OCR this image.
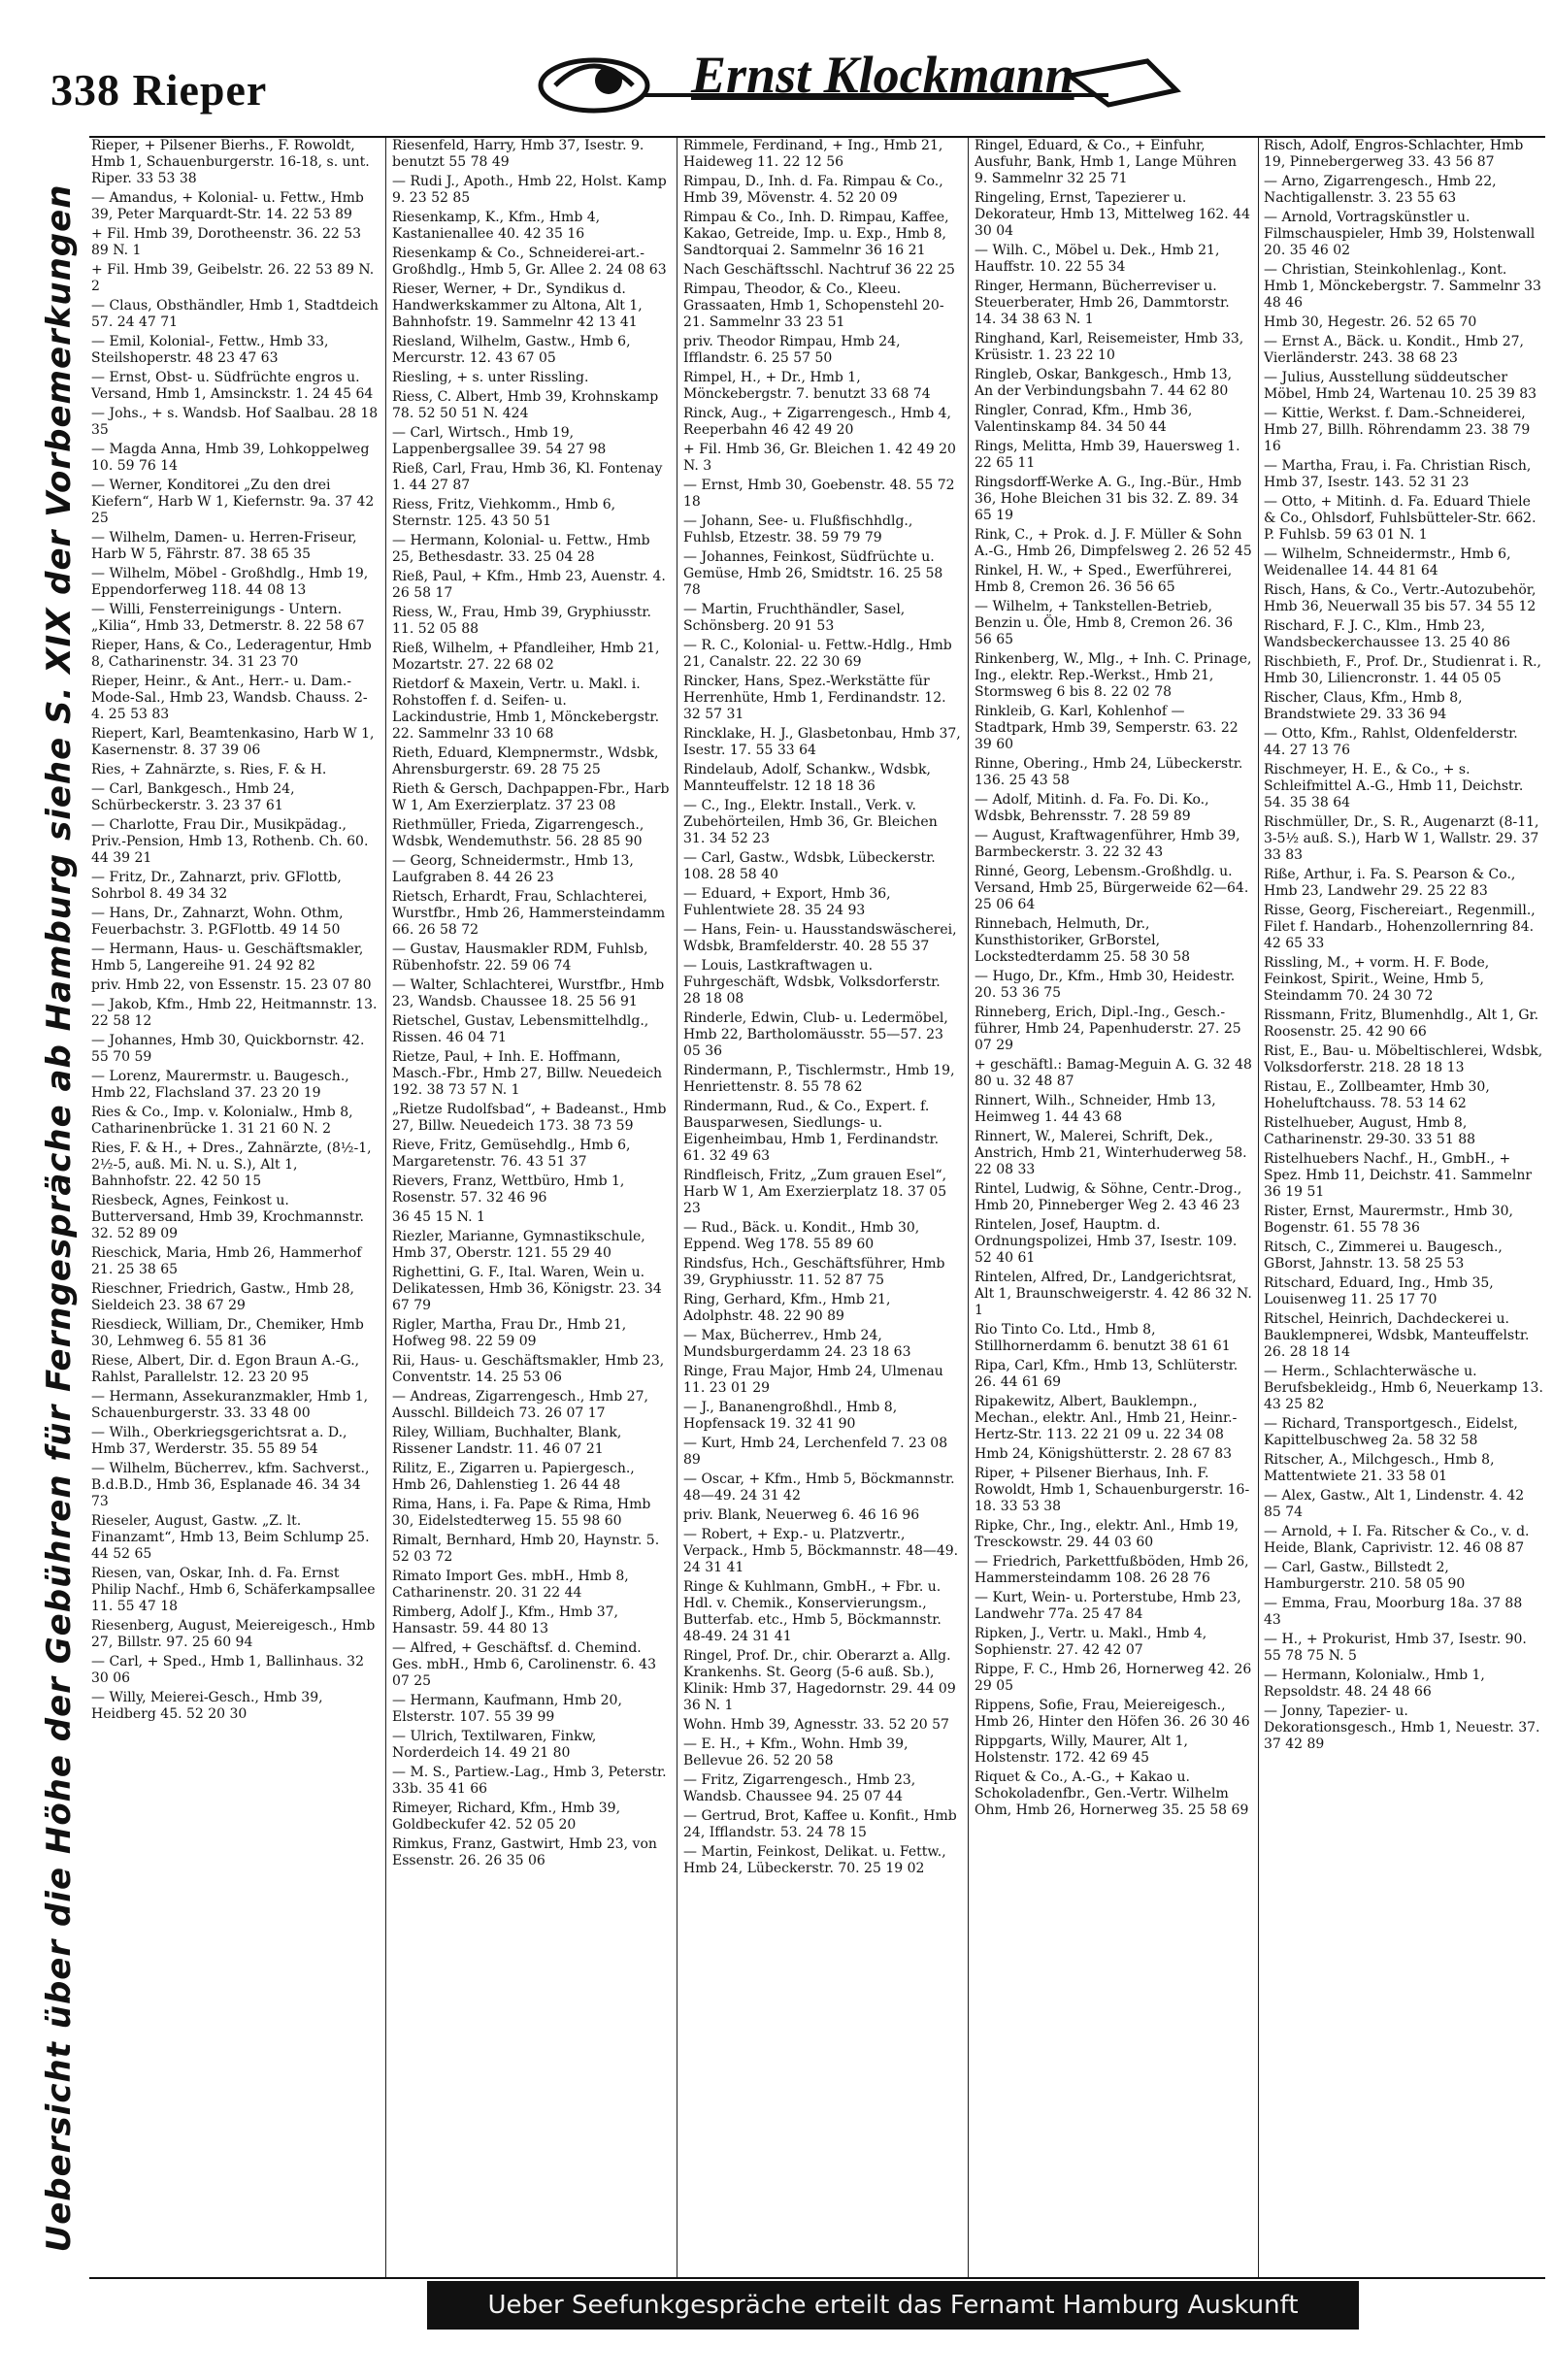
338 Rieper	Ernst Klockmann
Uebersicht über die Höhe der Gebühren für Ferngespräche ab Hamburg siehe S. XIX der Vorbemerkungen
Rieper, + Pilsener Bierhs., F. Rowoldt, Hmb 1, Schauenburgerstr. 16-18, s. unt. Riper. 33 53 38
— Amandus, + Kolonial- u. Fettw., Hmb 39, Peter Marquardt-Str. 14. 22 53 89
+ Fil. Hmb 39, Dorotheenstr. 36. 22 53 89 N. 1
+ Fil. Hmb 39, Geibelstr. 26. 22 53 89 N. 2
— Claus, Obsthändler, Hmb 1, Stadtdeich 57. 24 47 71
— Emil, Kolonial-, Fettw., Hmb 33, Steilshoperstr. 48 23 47 63
— Ernst, Obst- u. Südfrüchte engros u. Versand, Hmb 1, Amsinckstr. 1. 24 45 64
— Johs., + s. Wandsb. Hof Saalbau. 28 18 35
— Magda Anna, Hmb 39, Lohkoppelweg 10. 59 76 14
— Werner, Konditorei „Zu den drei Kiefern“, Harb W 1, Kiefernstr. 9a. 37 42 25
— Wilhelm, Damen- u. Herren-Friseur, Harb W 5, Fährstr. 87. 38 65 35
— Wilhelm, Möbel - Großhdlg., Hmb 19, Eppendorferweg 118. 44 08 13
— Willi, Fensterreinigungs - Untern. „Kilia“, Hmb 33, Detmerstr. 8. 22 58 67
Rieper, Hans, & Co., Lederagentur, Hmb 8, Catharinenstr. 34. 31 23 70
Rieper, Heinr., & Ant., Herr.- u. Dam.-Mode-Sal., Hmb 23, Wandsb. Chauss. 2-4. 25 53 83
Riepert, Karl, Beamtenkasino, Harb W 1, Kasernenstr. 8. 37 39 06
Ries, + Zahnärzte, s. Ries, F. & H.
— Carl, Bankgesch., Hmb 24, Schürbeckerstr. 3. 23 37 61
— Charlotte, Frau Dir., Musikpädag., Priv.-Pension, Hmb 13, Rothenb. Ch. 60. 44 39 21
— Fritz, Dr., Zahnarzt, priv. GFlottb, Sohrbol 8. 49 34 32
— Hans, Dr., Zahnarzt, Wohn. Othm, Feuerbachstr. 3. P.GFlottb. 49 14 50
— Hermann, Haus- u. Geschäftsmakler, Hmb 5, Langereihe 91. 24 92 82
priv. Hmb 22, von Essenstr. 15. 23 07 80
— Jakob, Kfm., Hmb 22, Heitmannstr. 13. 22 58 12
— Johannes, Hmb 30, Quickbornstr. 42. 55 70 59
— Lorenz, Maurermstr. u. Baugesch., Hmb 22, Flachsland 37. 23 20 19
Ries & Co., Imp. v. Kolonialw., Hmb 8, Catharinenbrücke 1. 31 21 60 N. 2
Ries, F. & H., + Dres., Zahnärzte, (8½-1, 2½-5, auß. Mi. N. u. S.), Alt 1, Bahnhofstr. 22. 42 50 15
Riesbeck, Agnes, Feinkost u. Butterversand, Hmb 39, Krochmannstr. 32. 52 89 09
Rieschick, Maria, Hmb 26, Hammerhof 21. 25 38 65
Rieschner, Friedrich, Gastw., Hmb 28, Sieldeich 23. 38 67 29
Riesdieck, William, Dr., Chemiker, Hmb 30, Lehmweg 6. 55 81 36
Riese, Albert, Dir. d. Egon Braun A.-G., Rahlst, Parallelstr. 12. 23 20 95
— Hermann, Assekuranzmakler, Hmb 1, Schauenburgerstr. 33. 33 48 00
— Wilh., Oberkriegsgerichtsrat a. D., Hmb 37, Werderstr. 35. 55 89 54
— Wilhelm, Bücherrev., kfm. Sachverst., B.d.B.D., Hmb 36, Esplanade 46. 34 34 73
Rieseler, August, Gastw. „Z. lt. Finanzamt“, Hmb 13, Beim Schlump 25. 44 52 65
Riesen, van, Oskar, Inh. d. Fa. Ernst Philip Nachf., Hmb 6, Schäferkampsallee 11. 55 47 18
Riesenberg, August, Meiereigesch., Hmb 27, Billstr. 97. 25 60 94
— Carl, + Sped., Hmb 1, Ballinhaus. 32 30 06
— Willy, Meierei-Gesch., Hmb 39, Heidberg 45. 52 20 30
Riesenfeld, Harry, Hmb 37, Isestr. 9. benutzt 55 78 49
— Rudi J., Apoth., Hmb 22, Holst. Kamp 9. 23 52 85
Riesenkamp, K., Kfm., Hmb 4, Kastanienallee 40. 42 35 16
Riesenkamp & Co., Schneiderei-art.-Großhdlg., Hmb 5, Gr. Allee 2. 24 08 63
Rieser, Werner, + Dr., Syndikus d. Handwerkskammer zu Altona, Alt 1, Bahnhofstr. 19. Sammelnr 42 13 41
Riesland, Wilhelm, Gastw., Hmb 6, Mercurstr. 12. 43 67 05
Riesling, + s. unter Rissling.
Riess, C. Albert, Hmb 39, Krohnskamp 78. 52 50 51 N. 424
— Carl, Wirtsch., Hmb 19, Lappenbergsallee 39. 54 27 98
Rieß, Carl, Frau, Hmb 36, Kl. Fontenay 1. 44 27 87
Riess, Fritz, Viehkomm., Hmb 6, Sternstr. 125. 43 50 51
— Hermann, Kolonial- u. Fettw., Hmb 25, Bethesdastr. 33. 25 04 28
Rieß, Paul, + Kfm., Hmb 23, Auenstr. 4. 26 58 17
Riess, W., Frau, Hmb 39, Gryphiusstr. 11. 52 05 88
Rieß, Wilhelm, + Pfandleiher, Hmb 21, Mozartstr. 27. 22 68 02
Rietdorf & Maxein, Vertr. u. Makl. i. Rohstoffen f. d. Seifen- u. Lackindustrie, Hmb 1, Mönckebergstr. 22. Sammelnr 33 10 68
Rieth, Eduard, Klempnermstr., Wdsbk, Ahrensburgerstr. 69. 28 75 25
Rieth & Gersch, Dachpappen-Fbr., Harb W 1, Am Exerzierplatz. 37 23 08
Riethmüller, Frieda, Zigarrengesch., Wdsbk, Wendemuthstr. 56. 28 85 90
— Georg, Schneidermstr., Hmb 13, Laufgraben 8. 44 26 23
Rietsch, Erhardt, Frau, Schlachterei, Wurstfbr., Hmb 26, Hammersteindamm 66. 26 58 72
— Gustav, Hausmakler RDM, Fuhlsb, Rübenhofstr. 22. 59 06 74
— Walter, Schlachterei, Wurstfbr., Hmb 23, Wandsb. Chaussee 18. 25 56 91
Rietschel, Gustav, Lebensmittelhdlg., Rissen. 46 04 71
Rietze, Paul, + Inh. E. Hoffmann, Masch.-Fbr., Hmb 27, Billw. Neuedeich 192. 38 73 57 N. 1
„Rietze Rudolfsbad“, + Badeanst., Hmb 27, Billw. Neuedeich 173. 38 73 59
Rieve, Fritz, Gemüsehdlg., Hmb 6, Margaretenstr. 76. 43 51 37
Rievers, Franz, Wettbüro, Hmb 1, Rosenstr. 57. 32 46 96
36 45 15 N. 1
Riezler, Marianne, Gymnastikschule, Hmb 37, Oberstr. 121. 55 29 40
Righettini, G. F., Ital. Waren, Wein u. Delikatessen, Hmb 36, Königstr. 23. 34 67 79
Rigler, Martha, Frau Dr., Hmb 21, Hofweg 98. 22 59 09
Rii, Haus- u. Geschäftsmakler, Hmb 23, Conventstr. 14. 25 53 06
— Andreas, Zigarrengesch., Hmb 27, Ausschl. Billdeich 73. 26 07 17
Riley, William, Buchhalter, Blank, Rissener Landstr. 11. 46 07 21
Rilitz, E., Zigarren u. Papiergesch., Hmb 26, Dahlenstieg 1. 26 44 48
Rima, Hans, i. Fa. Pape & Rima, Hmb 30, Eidelstedterweg 15. 55 98 60
Rimalt, Bernhard, Hmb 20, Haynstr. 5. 52 03 72
Rimato Import Ges. mbH., Hmb 8, Catharinenstr. 20. 31 22 44
Rimberg, Adolf J., Kfm., Hmb 37, Hansastr. 59. 44 80 13
— Alfred, + Geschäftsf. d. Chemind. Ges. mbH., Hmb 6, Carolinenstr. 6. 43 07 25
— Hermann, Kaufmann, Hmb 20, Elsterstr. 107. 55 39 99
— Ulrich, Textilwaren, Finkw, Norderdeich 14. 49 21 80
— M. S., Partiew.-Lag., Hmb 3, Peterstr. 33b. 35 41 66
Rimeyer, Richard, Kfm., Hmb 39, Goldbeckufer 42. 52 05 20
Rimkus, Franz, Gastwirt, Hmb 23, von Essenstr. 26. 26 35 06
Rimmele, Ferdinand, + Ing., Hmb 21, Haideweg 11. 22 12 56
Rimpau, D., Inh. d. Fa. Rimpau & Co., Hmb 39, Mövenstr. 4. 52 20 09
Rimpau & Co., Inh. D. Rimpau, Kaffee, Kakao, Getreide, Imp. u. Exp., Hmb 8, Sandtorquai 2. Sammelnr 36 16 21
Nach Geschäftsschl. Nachtruf 36 22 25
Rimpau, Theodor, & Co., Kleeu. Grassaaten, Hmb 1, Schopenstehl 20-21. Sammelnr 33 23 51
priv. Theodor Rimpau, Hmb 24, Ifflandstr. 6. 25 57 50
Rimpel, H., + Dr., Hmb 1, Mönckebergstr. 7. benutzt 33 68 74
Rinck, Aug., + Zigarrengesch., Hmb 4, Reeperbahn 46 42 49 20
+ Fil. Hmb 36, Gr. Bleichen 1. 42 49 20 N. 3
— Ernst, Hmb 30, Goebenstr. 48. 55 72 18
— Johann, See- u. Flußfischhdlg., Fuhlsb, Etzestr. 38. 59 79 79
— Johannes, Feinkost, Südfrüchte u. Gemüse, Hmb 26, Smidtstr. 16. 25 58 78
— Martin, Fruchthändler, Sasel, Schönsberg. 20 91 53
— R. C., Kolonial- u. Fettw.-Hdlg., Hmb 21, Canalstr. 22. 22 30 69
Rincker, Hans, Spez.-Werkstätte für Herrenhüte, Hmb 1, Ferdinandstr. 12. 32 57 31
Rincklake, H. J., Glasbetonbau, Hmb 37, Isestr. 17. 55 33 64
Rindelaub, Adolf, Schankw., Wdsbk, Mannteuffelstr. 12 18 18 36
— C., Ing., Elektr. Install., Verk. v. Zubehörteilen, Hmb 36, Gr. Bleichen 31. 34 52 23
— Carl, Gastw., Wdsbk, Lübeckerstr. 108. 28 58 40
— Eduard, + Export, Hmb 36, Fuhlentwiete 28. 35 24 93
— Hans, Fein- u. Hausstandswäscherei, Wdsbk, Bramfelderstr. 40. 28 55 37
— Louis, Lastkraftwagen u. Fuhrgeschäft, Wdsbk, Volksdorferstr. 28 18 08
Rinderle, Edwin, Club- u. Ledermöbel, Hmb 22, Bartholomäusstr. 55—57. 23 05 36
Rindermann, P., Tischlermstr., Hmb 19, Henriettenstr. 8. 55 78 62
Rindermann, Rud., & Co., Expert. f. Bausparwesen, Siedlungs- u. Eigenheimbau, Hmb 1, Ferdinandstr. 61. 32 49 63
Rindfleisch, Fritz, „Zum grauen Esel“, Harb W 1, Am Exerzierplatz 18. 37 05 23
— Rud., Bäck. u. Kondit., Hmb 30, Eppend. Weg 178. 55 89 60
Rindsfus, Hch., Geschäftsführer, Hmb 39, Gryphiusstr. 11. 52 87 75
Ring, Gerhard, Kfm., Hmb 21, Adolphstr. 48. 22 90 89
— Max, Bücherrev., Hmb 24, Mundsburgerdamm 24. 23 18 63
Ringe, Frau Major, Hmb 24, Ulmenau 11. 23 01 29
— J., Bananengroßhdl., Hmb 8, Hopfensack 19. 32 41 90
— Kurt, Hmb 24, Lerchenfeld 7. 23 08 89
— Oscar, + Kfm., Hmb 5, Böckmannstr. 48—49. 24 31 42
priv. Blank, Neuerweg 6. 46 16 96
— Robert, + Exp.- u. Platzvertr., Verpack., Hmb 5, Böckmannstr. 48—49. 24 31 41
Ringe & Kuhlmann, GmbH., + Fbr. u. Hdl. v. Chemik., Konservierungsm., Butterfab. etc., Hmb 5, Böckmannstr. 48-49. 24 31 41
Ringel, Prof. Dr., chir. Oberarzt a. Allg. Krankenhs. St. Georg (5-6 auß. Sb.), Klinik: Hmb 37, Hagedornstr. 29. 44 09 36 N. 1
Wohn. Hmb 39, Agnesstr. 33. 52 20 57
— E. H., + Kfm., Wohn. Hmb 39, Bellevue 26. 52 20 58
— Fritz, Zigarrengesch., Hmb 23, Wandsb. Chaussee 94. 25 07 44
— Gertrud, Brot, Kaffee u. Konfit., Hmb 24, Ifflandstr. 53. 24 78 15
— Martin, Feinkost, Delikat. u. Fettw., Hmb 24, Lübeckerstr. 70. 25 19 02
Ringel, Eduard, & Co., + Einfuhr, Ausfuhr, Bank, Hmb 1, Lange Mühren 9. Sammelnr 32 25 71
Ringeling, Ernst, Tapezierer u. Dekorateur, Hmb 13, Mittelweg 162. 44 30 04
— Wilh. C., Möbel u. Dek., Hmb 21, Hauffstr. 10. 22 55 34
Ringer, Hermann, Bücherreviser u. Steuerberater, Hmb 26, Dammtorstr. 14. 34 38 63 N. 1
Ringhand, Karl, Reisemeister, Hmb 33, Krüsistr. 1. 23 22 10
Ringleb, Oskar, Bankgesch., Hmb 13, An der Verbindungsbahn 7. 44 62 80
Ringler, Conrad, Kfm., Hmb 36, Valentinskamp 84. 34 50 44
Rings, Melitta, Hmb 39, Hauersweg 1. 22 65 11
Ringsdorff-Werke A. G., Ing.-Bür., Hmb 36, Hohe Bleichen 31 bis 32. Z. 89. 34 65 19
Rink, C., + Prok. d. J. F. Müller & Sohn A.-G., Hmb 26, Dimpfelsweg 2. 26 52 45
Rinkel, H. W., + Sped., Ewerführerei, Hmb 8, Cremon 26. 36 56 65
— Wilhelm, + Tankstellen-Betrieb, Benzin u. Öle, Hmb 8, Cremon 26. 36 56 65
Rinkenberg, W., Mlg., + Inh. C. Prinage, Ing., elektr. Rep.-Werkst., Hmb 21, Stormsweg 6 bis 8. 22 02 78
Rinkleib, G. Karl, Kohlenhof — Stadtpark, Hmb 39, Semperstr. 63. 22 39 60
Rinne, Obering., Hmb 24, Lübeckerstr. 136. 25 43 58
— Adolf, Mitinh. d. Fa. Fo. Di. Ko., Wdsbk, Behrensstr. 7. 28 59 89
— August, Kraftwagenführer, Hmb 39, Barmbeckerstr. 3. 22 32 43
Rinné, Georg, Lebensm.-Großhdlg. u. Versand, Hmb 25, Bürgerweide 62—64. 25 06 64
Rinnebach, Helmuth, Dr., Kunsthistoriker, GrBorstel, Lockstedterdamm 25. 58 30 58
— Hugo, Dr., Kfm., Hmb 30, Heidestr. 20. 53 36 75
Rinneberg, Erich, Dipl.-Ing., Gesch.-führer, Hmb 24, Papenhuderstr. 27. 25 07 29
+ geschäftl.: Bamag-Meguin A. G. 32 48 80 u. 32 48 87
Rinnert, Wilh., Schneider, Hmb 13, Heimweg 1. 44 43 68
Rinnert, W., Malerei, Schrift, Dek., Anstrich, Hmb 21, Winterhuderweg 58. 22 08 33
Rintel, Ludwig, & Söhne, Centr.-Drog., Hmb 20, Pinneberger Weg 2. 43 46 23
Rintelen, Josef, Hauptm. d. Ordnungspolizei, Hmb 37, Isestr. 109. 52 40 61
Rintelen, Alfred, Dr., Landgerichtsrat, Alt 1, Braunschweigerstr. 4. 42 86 32 N. 1
Rio Tinto Co. Ltd., Hmb 8, Stillhornerdamm 6. benutzt 38 61 61
Ripa, Carl, Kfm., Hmb 13, Schlüterstr. 26. 44 61 69
Ripakewitz, Albert, Bauklempn., Mechan., elektr. Anl., Hmb 21, Heinr.-Hertz-Str. 113. 22 21 09 u. 22 34 08
Hmb 24, Königshütterstr. 2. 28 67 83
Riper, + Pilsener Bierhaus, Inh. F. Rowoldt, Hmb 1, Schauenburgerstr. 16-18. 33 53 38
Ripke, Chr., Ing., elektr. Anl., Hmb 19, Tresckowstr. 29. 44 03 60
— Friedrich, Parkettfußböden, Hmb 26, Hammersteindamm 108. 26 28 76
— Kurt, Wein- u. Porterstube, Hmb 23, Landwehr 77a. 25 47 84
Ripken, J., Vertr. u. Makl., Hmb 4, Sophienstr. 27. 42 42 07
Rippe, F. C., Hmb 26, Hornerweg 42. 26 29 05
Rippens, Sofie, Frau, Meiereigesch., Hmb 26, Hinter den Höfen 36. 26 30 46
Rippgarts, Willy, Maurer, Alt 1, Holstenstr. 172. 42 69 45
Riquet & Co., A.-G., + Kakao u. Schokoladenfbr., Gen.-Vertr. Wilhelm Ohm, Hmb 26, Hornerweg 35. 25 58 69
Risch, Adolf, Engros-Schlachter, Hmb 19, Pinnebergerweg 33. 43 56 87
— Arno, Zigarrengesch., Hmb 22, Nachtigallenstr. 3. 23 55 63
— Arnold, Vortragskünstler u. Filmschauspieler, Hmb 39, Holstenwall 20. 35 46 02
— Christian, Steinkohlenlag., Kont. Hmb 1, Mönckebergstr. 7. Sammelnr 33 48 46
Hmb 30, Hegestr. 26. 52 65 70
— Ernst A., Bäck. u. Kondit., Hmb 27, Vierländerstr. 243. 38 68 23
— Julius, Ausstellung süddeutscher Möbel, Hmb 24, Wartenau 10. 25 39 83
— Kittie, Werkst. f. Dam.-Schneiderei, Hmb 27, Billh. Röhrendamm 23. 38 79 16
— Martha, Frau, i. Fa. Christian Risch, Hmb 37, Isestr. 143. 52 31 23
— Otto, + Mitinh. d. Fa. Eduard Thiele & Co., Ohlsdorf, Fuhlsbütteler-Str. 662. P. Fuhlsb. 59 63 01 N. 1
— Wilhelm, Schneidermstr., Hmb 6, Weidenallee 14. 44 81 64
Risch, Hans, & Co., Vertr.-Autozubehör, Hmb 36, Neuerwall 35 bis 57. 34 55 12
Rischard, F. J. C., Klm., Hmb 23, Wandsbeckerchaussee 13. 25 40 86
Rischbieth, F., Prof. Dr., Studienrat i. R., Hmb 30, Liliencronstr. 1. 44 05 05
Rischer, Claus, Kfm., Hmb 8, Brandstwiete 29. 33 36 94
— Otto, Kfm., Rahlst, Oldenfelderstr. 44. 27 13 76
Rischmeyer, H. E., & Co., + s. Schleifmittel A.-G., Hmb 11, Deichstr. 54. 35 38 64
Rischmüller, Dr., S. R., Augenarzt (8-11, 3-5½ auß. S.), Harb W 1, Wallstr. 29. 37 33 83
Riße, Arthur, i. Fa. S. Pearson & Co., Hmb 23, Landwehr 29. 25 22 83
Risse, Georg, Fischereiart., Regenmill., Filet f. Handarb., Hohenzollernring 84. 42 65 33
Rissling, M., + vorm. H. F. Bode, Feinkost, Spirit., Weine, Hmb 5, Steindamm 70. 24 30 72
Rissmann, Fritz, Blumenhdlg., Alt 1, Gr. Roosenstr. 25. 42 90 66
Rist, E., Bau- u. Möbeltischlerei, Wdsbk, Volksdorferstr. 218. 28 18 13
Ristau, E., Zollbeamter, Hmb 30, Hoheluftchauss. 78. 53 14 62
Ristelhueber, August, Hmb 8, Catharinenstr. 29-30. 33 51 88
Ristelhuebers Nachf., H., GmbH., + Spez. Hmb 11, Deichstr. 41. Sammelnr 36 19 51
Rister, Ernst, Maurermstr., Hmb 30, Bogenstr. 61. 55 78 36
Ritsch, C., Zimmerei u. Baugesch., GBorst, Jahnstr. 13. 58 25 53
Ritschard, Eduard, Ing., Hmb 35, Louisenweg 11. 25 17 70
Ritschel, Heinrich, Dachdeckerei u. Bauklempnerei, Wdsbk, Manteuffelstr. 26. 28 18 14
— Herm., Schlachterwäsche u. Berufsbekleidg., Hmb 6, Neuerkamp 13. 43 25 82
— Richard, Transportgesch., Eidelst, Kapittelbuschweg 2a. 58 32 58
Ritscher, A., Milchgesch., Hmb 8, Mattentwiete 21. 33 58 01
— Alex, Gastw., Alt 1, Lindenstr. 4. 42 85 74
— Arnold, + I. Fa. Ritscher & Co., v. d. Heide, Blank, Caprivistr. 12. 46 08 87
— Carl, Gastw., Billstedt 2, Hamburgerstr. 210. 58 05 90
— Emma, Frau, Moorburg 18a. 37 88 43
— H., + Prokurist, Hmb 37, Isestr. 90. 55 78 75 N. 5
— Hermann, Kolonialw., Hmb 1, Repsoldstr. 48. 24 48 66
— Jonny, Tapezier- u. Dekorationsgesch., Hmb 1, Neuestr. 37. 37 42 89
Ueber Seefunkgespräche erteilt das Fernamt Hamburg Auskunft
